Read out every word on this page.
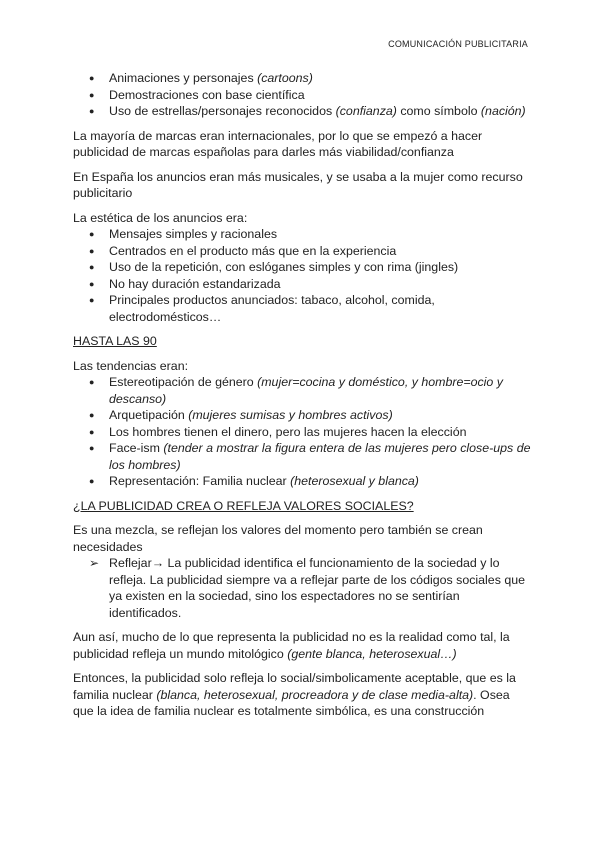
COMUNICACIÓN PUBLICITARIA
● Animaciones y personajes (cartoons)
● Demostraciones con base científica
● Uso de estrellas/personajes reconocidos (confianza) como símbolo (nación)

La mayoría de marcas eran internacionales, por lo que se empezó a hacer publicidad de marcas españolas para darles más viabilidad/confianza

En España los anuncios eran más musicales, y se usaba a la mujer como recurso publicitario

La estética de los anuncios era:

● Mensajes simples y racionales
● Centrados en el producto más que en la experiencia
● Uso de la repetición, con eslóganes simples y con rima (jingles)
● No hay duración estandarizada
● Principales productos anunciados: tabaco, alcohol, comida, electrodomésticos…

HASTA LAS 90

Las tendencias eran:

● Estereotipación de género (mujer=cocina y doméstico, y hombre=ocio y descanso)
● Arquetipación (mujeres sumisas y hombres activos)
● Los hombres tienen el dinero, pero las mujeres hacen la elección
● Face-ism (tender a mostrar la figura entera de las mujeres pero close-ups de los hombres)
● Representación: Familia nuclear (heterosexual y blanca)

¿LA PUBLICIDAD CREA O REFLEJA VALORES SOCIALES?

Es una mezcla, se reflejan los valores del momento pero también se crean necesidades

➢ Reflejar→ La publicidad identifica el funcionamiento de la sociedad y lo refleja. La publicidad siempre va a reflejar parte de los códigos sociales que ya existen en la sociedad, sino los espectadores no se sentirían identificados.

Aun así, mucho de lo que representa la publicidad no es la realidad como tal, la publicidad refleja un mundo mitológico (gente blanca, heterosexual…)

Entonces, la publicidad solo refleja lo social/simbolicamente aceptable, que es la familia nuclear (blanca, heterosexual, procreadora y de clase media-alta). Osea que la idea de familia nuclear es totalmente simbólica, es una construcción
